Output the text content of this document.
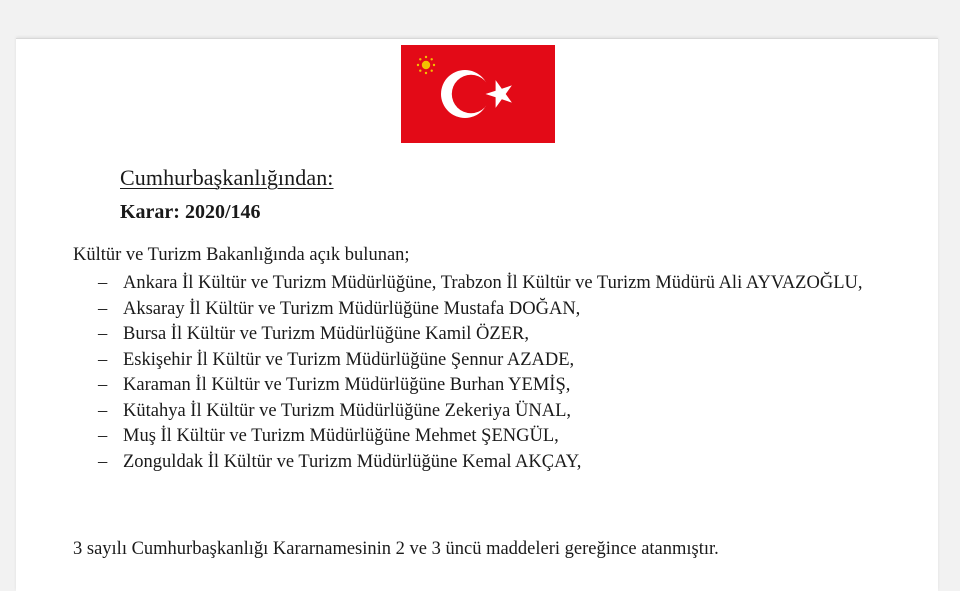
Cumhurbaşkanlığından:
Karar: 2020/146
Kültür ve Turizm Bakanlığında açık bulunan;
– Ankara İl Kültür ve Turizm Müdürlüğüne, Trabzon İl Kültür ve Turizm Müdürü Ali AYVAZOĞLU,
– Aksaray İl Kültür ve Turizm Müdürlüğüne Mustafa DOĞAN,
– Bursa İl Kültür ve Turizm Müdürlüğüne Kamil ÖZER,
– Eskişehir İl Kültür ve Turizm Müdürlüğüne Şennur AZADE,
– Karaman İl Kültür ve Turizm Müdürlüğüne Burhan YEMİŞ,
– Kütahya İl Kültür ve Turizm Müdürlüğüne Zekeriya ÜNAL,
– Muş İl Kültür ve Turizm Müdürlüğüne Mehmet ŞENGÜL,
– Zonguldak İl Kültür ve Turizm Müdürlüğüne Kemal AKÇAY,
3 sayılı Cumhurbaşkanlığı Kararnamesinin 2 ve 3 üncü maddeleri gereğince atanmıştır.
